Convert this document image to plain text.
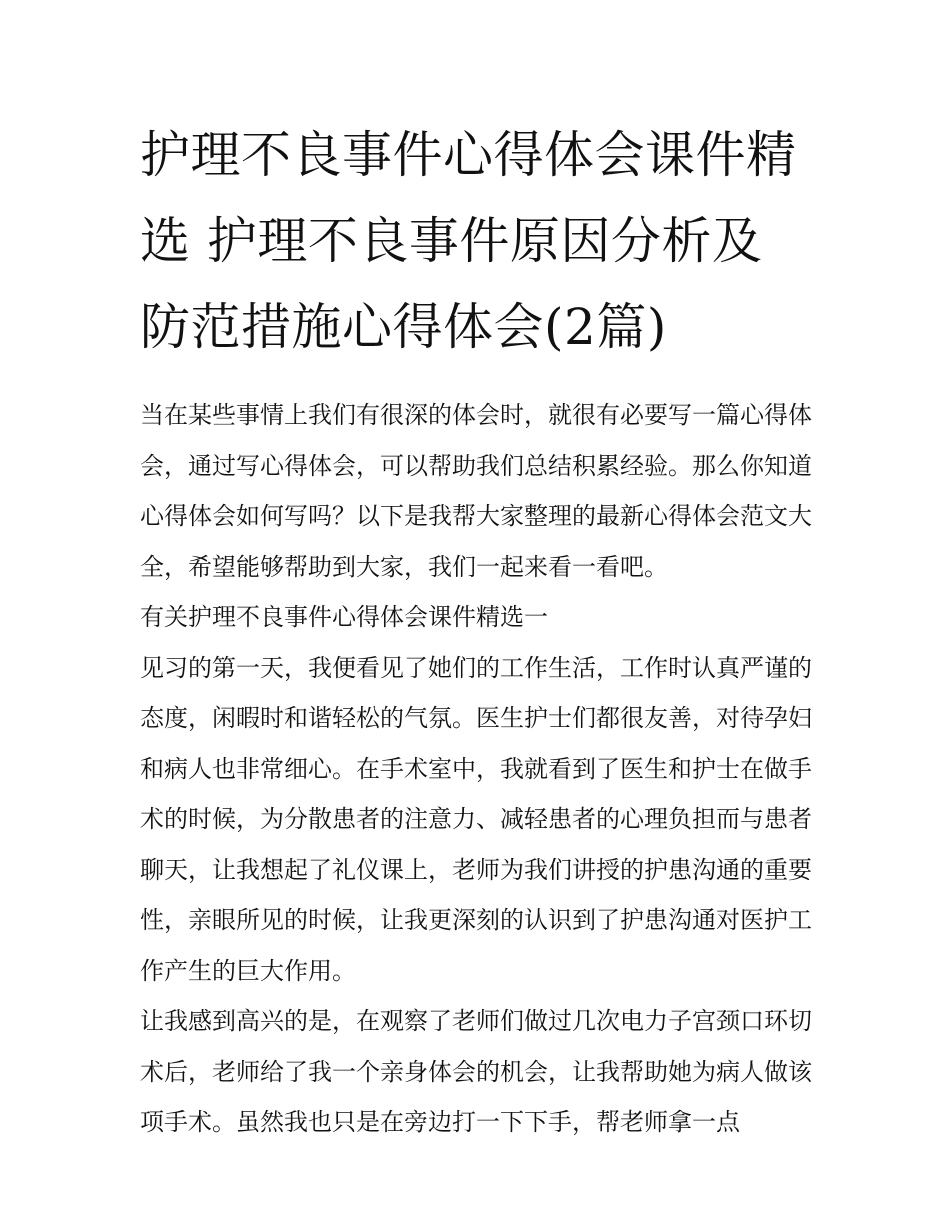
护理不良事件心得体会课件精选 护理不良事件原因分析及防范措施心得体会(2篇)

当在某些事情上我们有很深的体会时，就很有必要写一篇心得体会，通过写心得体会，可以帮助我们总结积累经验。那么你知道心得体会如何写吗？以下是我帮大家整理的最新心得体会范文大全，希望能够帮助到大家，我们一起来看一看吧。

有关护理不良事件心得体会课件精选一

见习的第一天，我便看见了她们的工作生活，工作时认真严谨的态度，闲暇时和谐轻松的气氛。医生护士们都很友善，对待孕妇和病人也非常细心。在手术室中，我就看到了医生和护士在做手术的时候，为分散患者的注意力、减轻患者的心理负担而与患者聊天，让我想起了礼仪课上，老师为我们讲授的护患沟通的重要性，亲眼所见的时候，让我更深刻的认识到了护患沟通对医护工作产生的巨大作用。

让我感到高兴的是，在观察了老师们做过几次电力子宫颈口环切术后，老师给了我一个亲身体会的机会，让我帮助她为病人做该项手术。虽然我也只是在旁边打一下下手，帮老师拿一点
